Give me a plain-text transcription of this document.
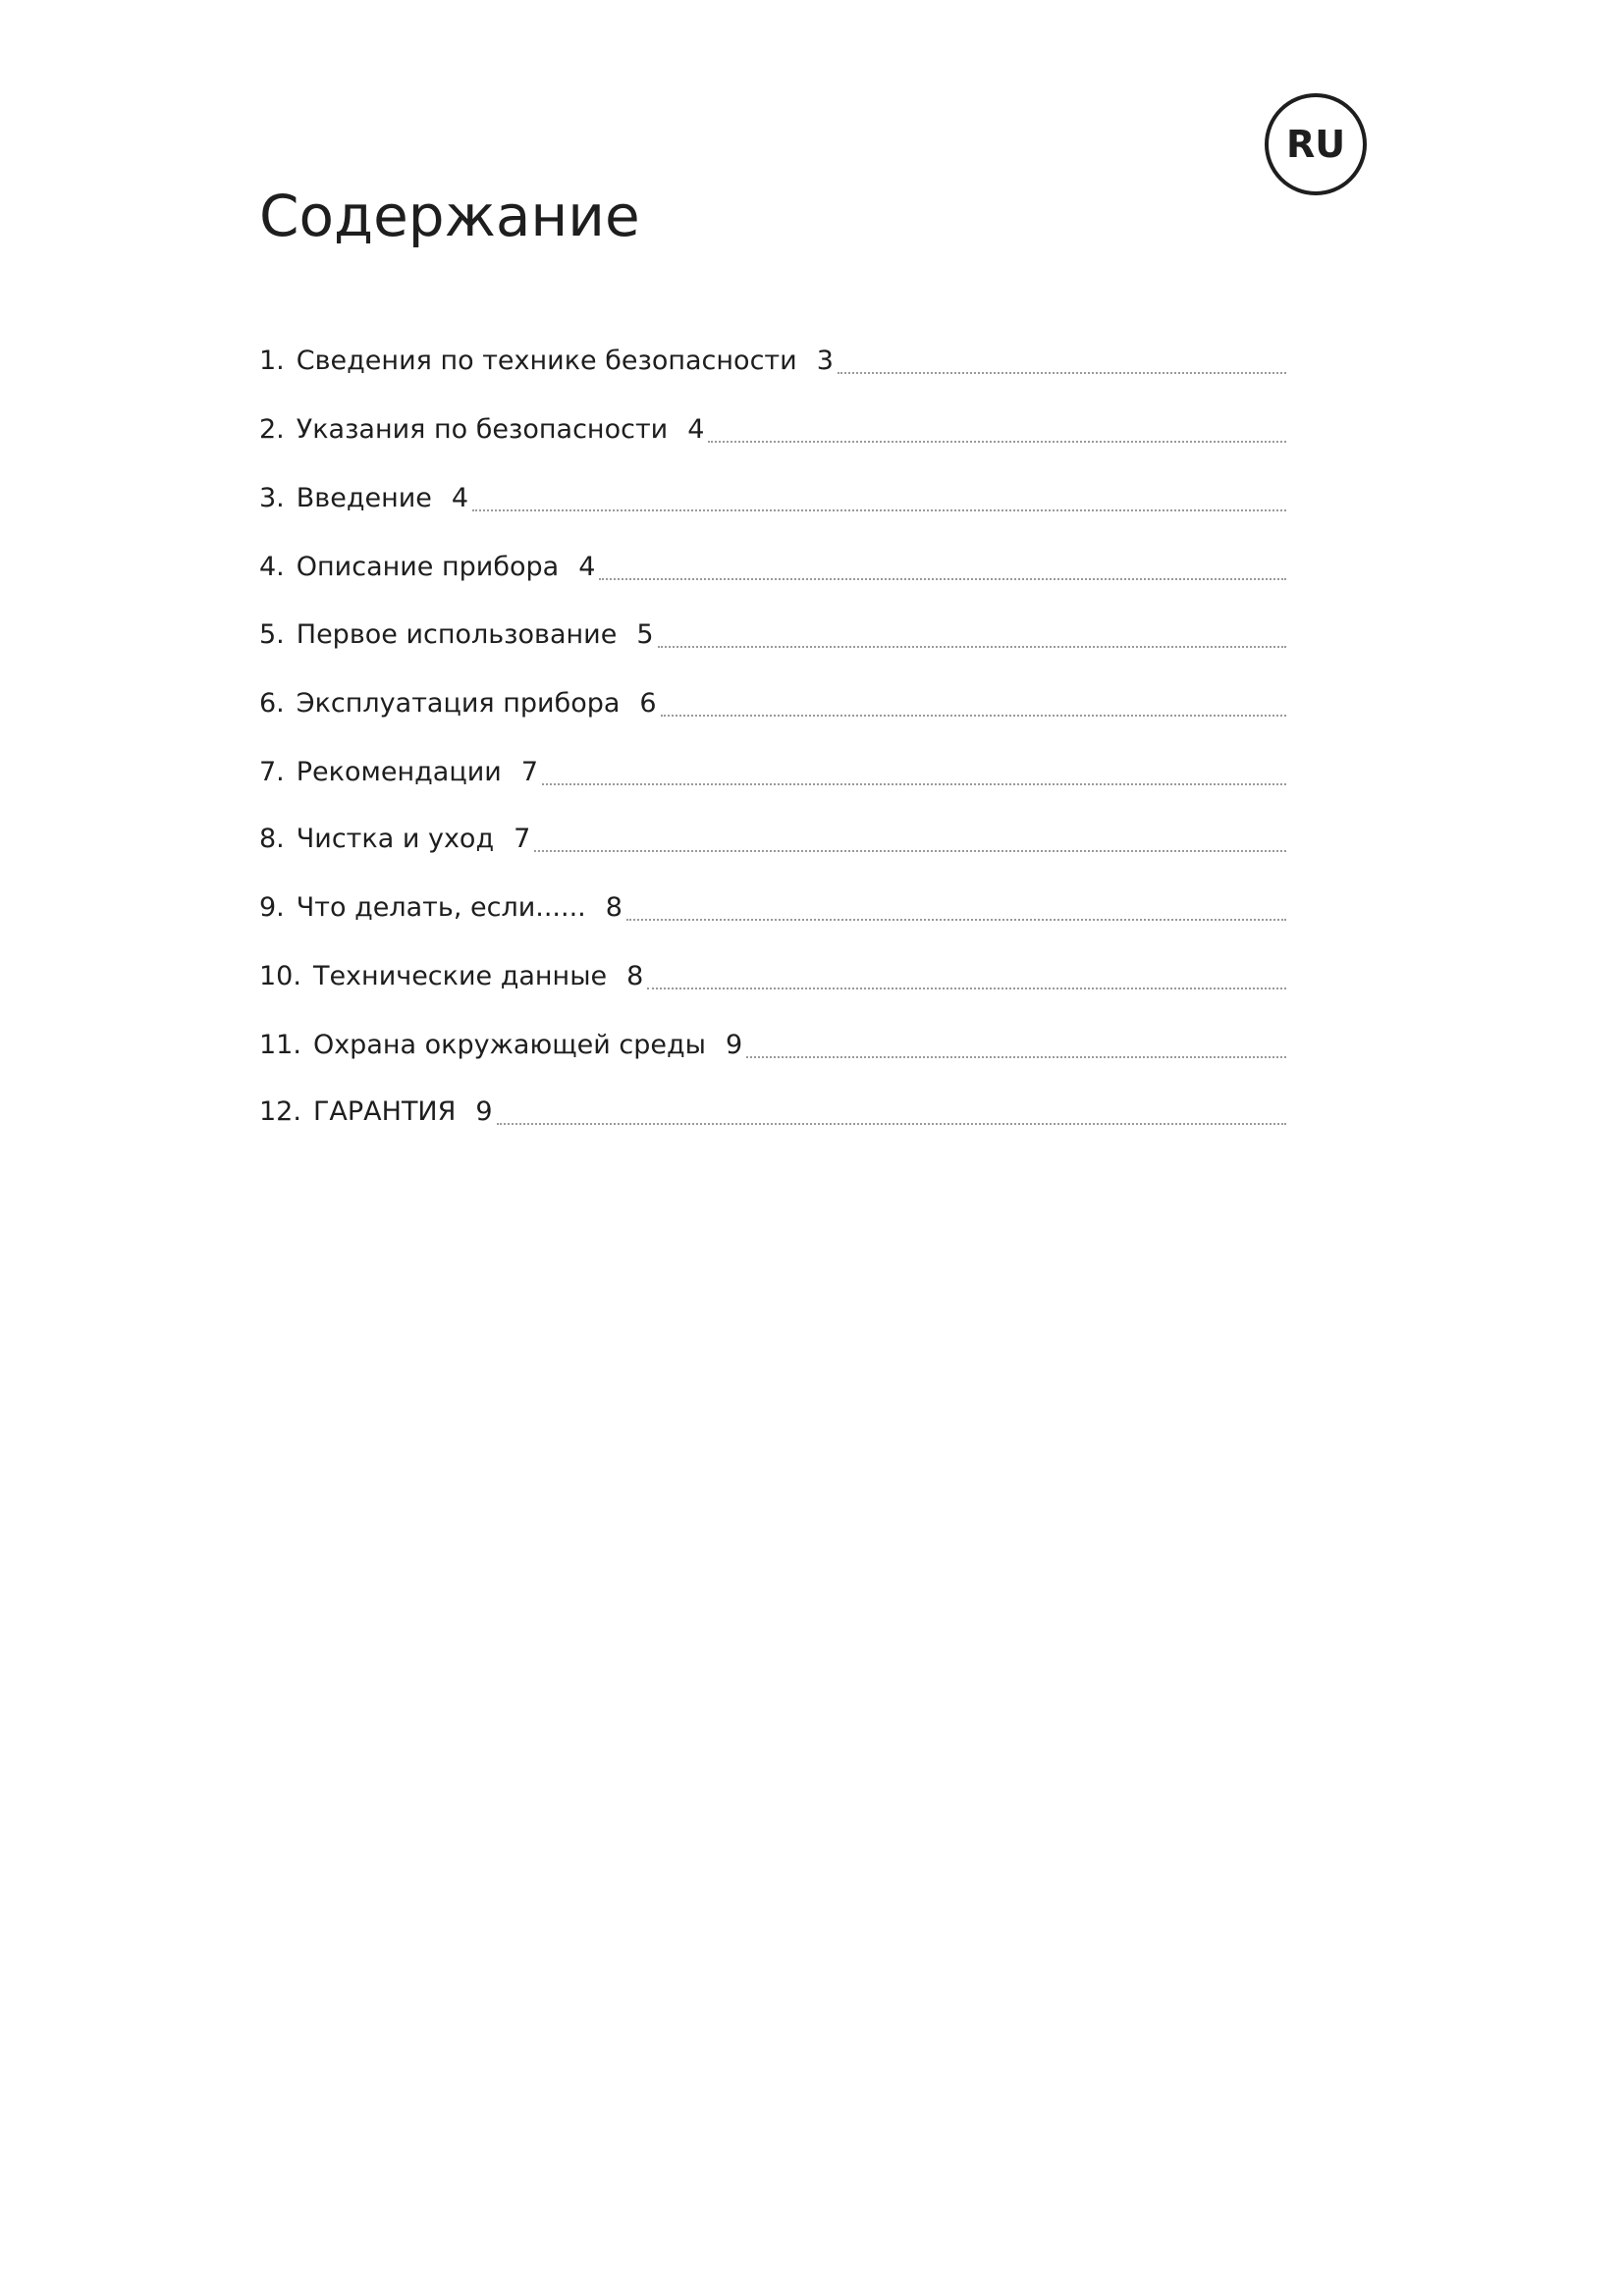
RU
Содержание
1. Сведения по технике безопасности 3
2. Указания по безопасности 4
3. Введение 4
4. Описание прибора 4
5. Первое использование 5
6. Эксплуатация прибора 6
7. Рекомендации 7
8. Чистка и уход 7
9. Что делать, если...... 8
10. Технические данные 8
11. Охрана окружающей среды 9
12. ГАРАНТИЯ 9
